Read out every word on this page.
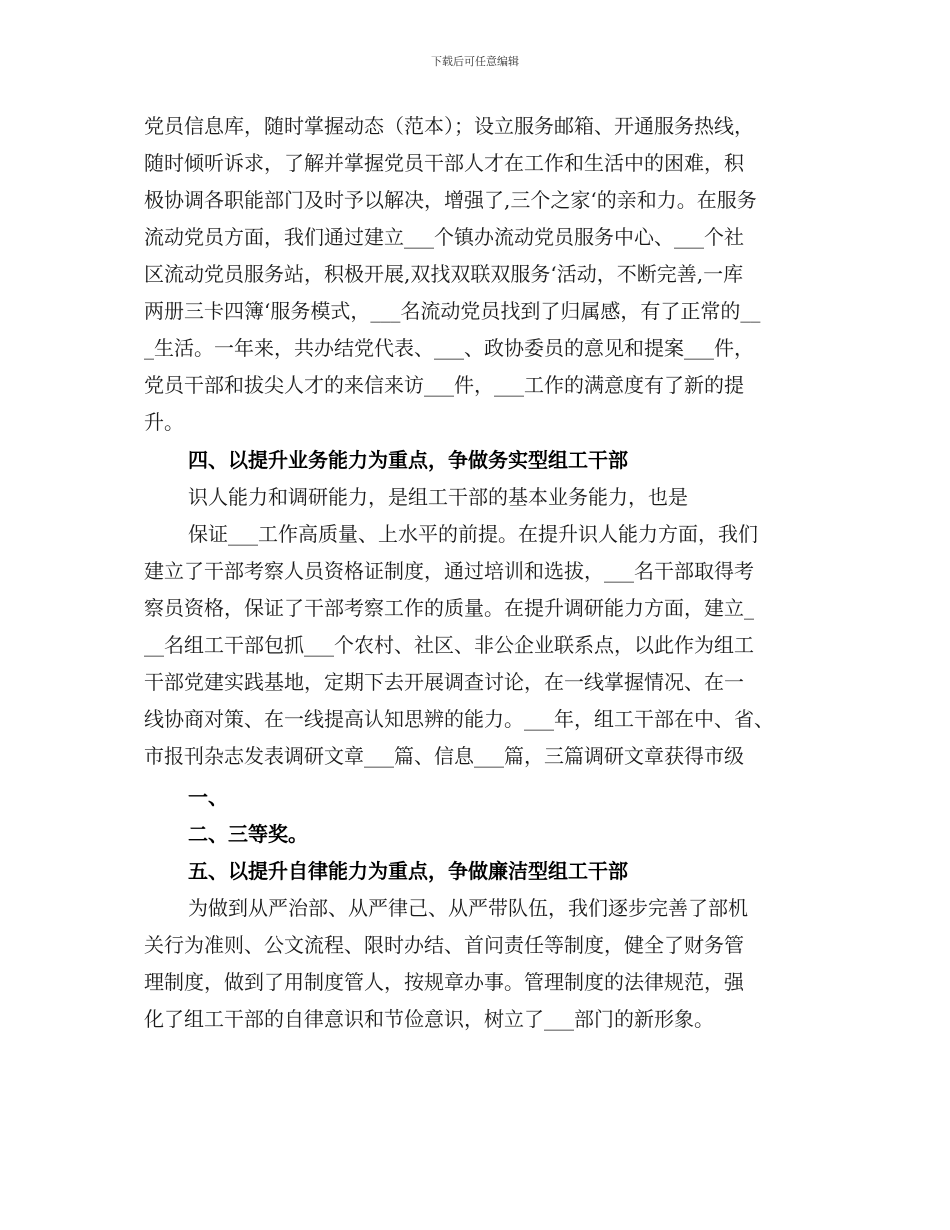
下载后可任意编辑
党员信息库，随时掌握动态（范本）；设立服务邮箱、开通服务热线，
随时倾听诉求，了解并掌握党员干部人才在工作和生活中的困难，积
极协调各职能部门及时予以解决，增强了,三个之家‘的亲和力。在服务
流动党员方面，我们通过建立___个镇办流动党员服务中心、___个社
区流动党员服务站，积极开展,双找双联双服务‘活动，不断完善,一库
两册三卡四簿‘服务模式，___名流动党员找到了归属感，有了正常的__
_生活。一年来，共办结党代表、___、政协委员的意见和提案___件，
党员干部和拔尖人才的来信来访___件，___工作的满意度有了新的提
升。
四、以提升业务能力为重点，争做务实型组工干部
识人能力和调研能力，是组工干部的基本业务能力，也是
保证___工作高质量、上水平的前提。在提升识人能力方面，我们
建立了干部考察人员资格证制度，通过培训和选拔，___名干部取得考
察员资格，保证了干部考察工作的质量。在提升调研能力方面，建立_
__名组工干部包抓___个农村、社区、非公企业联系点，以此作为组工
干部党建实践基地，定期下去开展调查讨论，在一线掌握情况、在一
线协商对策、在一线提高认知思辨的能力。___年，组工干部在中、省、
市报刊杂志发表调研文章___篇、信息___篇，三篇调研文章获得市级
一、
二、三等奖。
五、以提升自律能力为重点，争做廉洁型组工干部
为做到从严治部、从严律己、从严带队伍，我们逐步完善了部机
关行为准则、公文流程、限时办结、首问责任等制度，健全了财务管
理制度，做到了用制度管人，按规章办事。管理制度的法律规范，强
化了组工干部的自律意识和节俭意识，树立了___部门的新形象。
